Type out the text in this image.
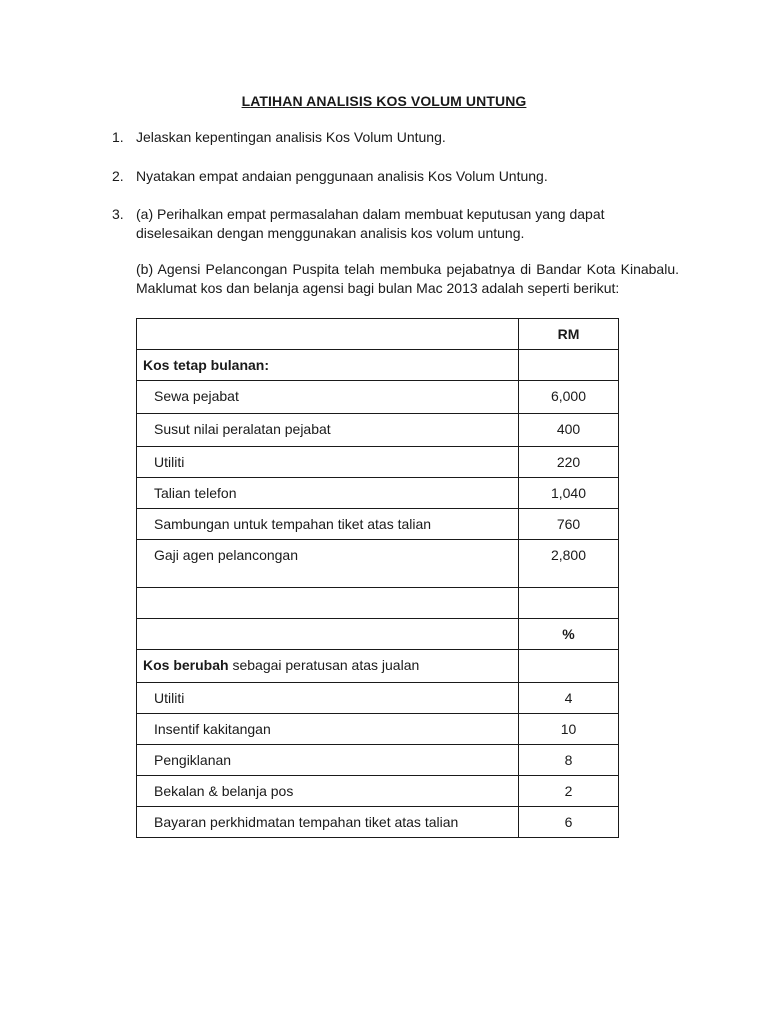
LATIHAN ANALISIS KOS VOLUM UNTUNG
1. Jelaskan kepentingan analisis Kos Volum Untung.
2. Nyatakan empat andaian penggunaan analisis Kos Volum Untung.
3. (a) Perihalkan empat permasalahan dalam membuat keputusan yang dapat diselesaikan dengan menggunakan analisis kos volum untung.
(b) Agensi Pelancongan Puspita telah membuka pejabatnya di Bandar Kota Kinabalu. Maklumat kos dan belanja agensi bagi bulan Mac 2013 adalah seperti berikut:

	RM

Kos tetap bulanan:	

Sewa pejabat	6,000

Susut nilai peralatan pejabat	400

Utiliti	220

Talian telefon	1,040

Sambungan untuk tempahan tiket atas talian	760

Gaji agen pelancongan	2,800

	%

Kos berubah sebagai peratusan atas jualan	

Utiliti	4

Insentif kakitangan	10

Pengiklanan	8

Bekalan & belanja pos	2

Bayaran perkhidmatan tempahan tiket atas talian	6
